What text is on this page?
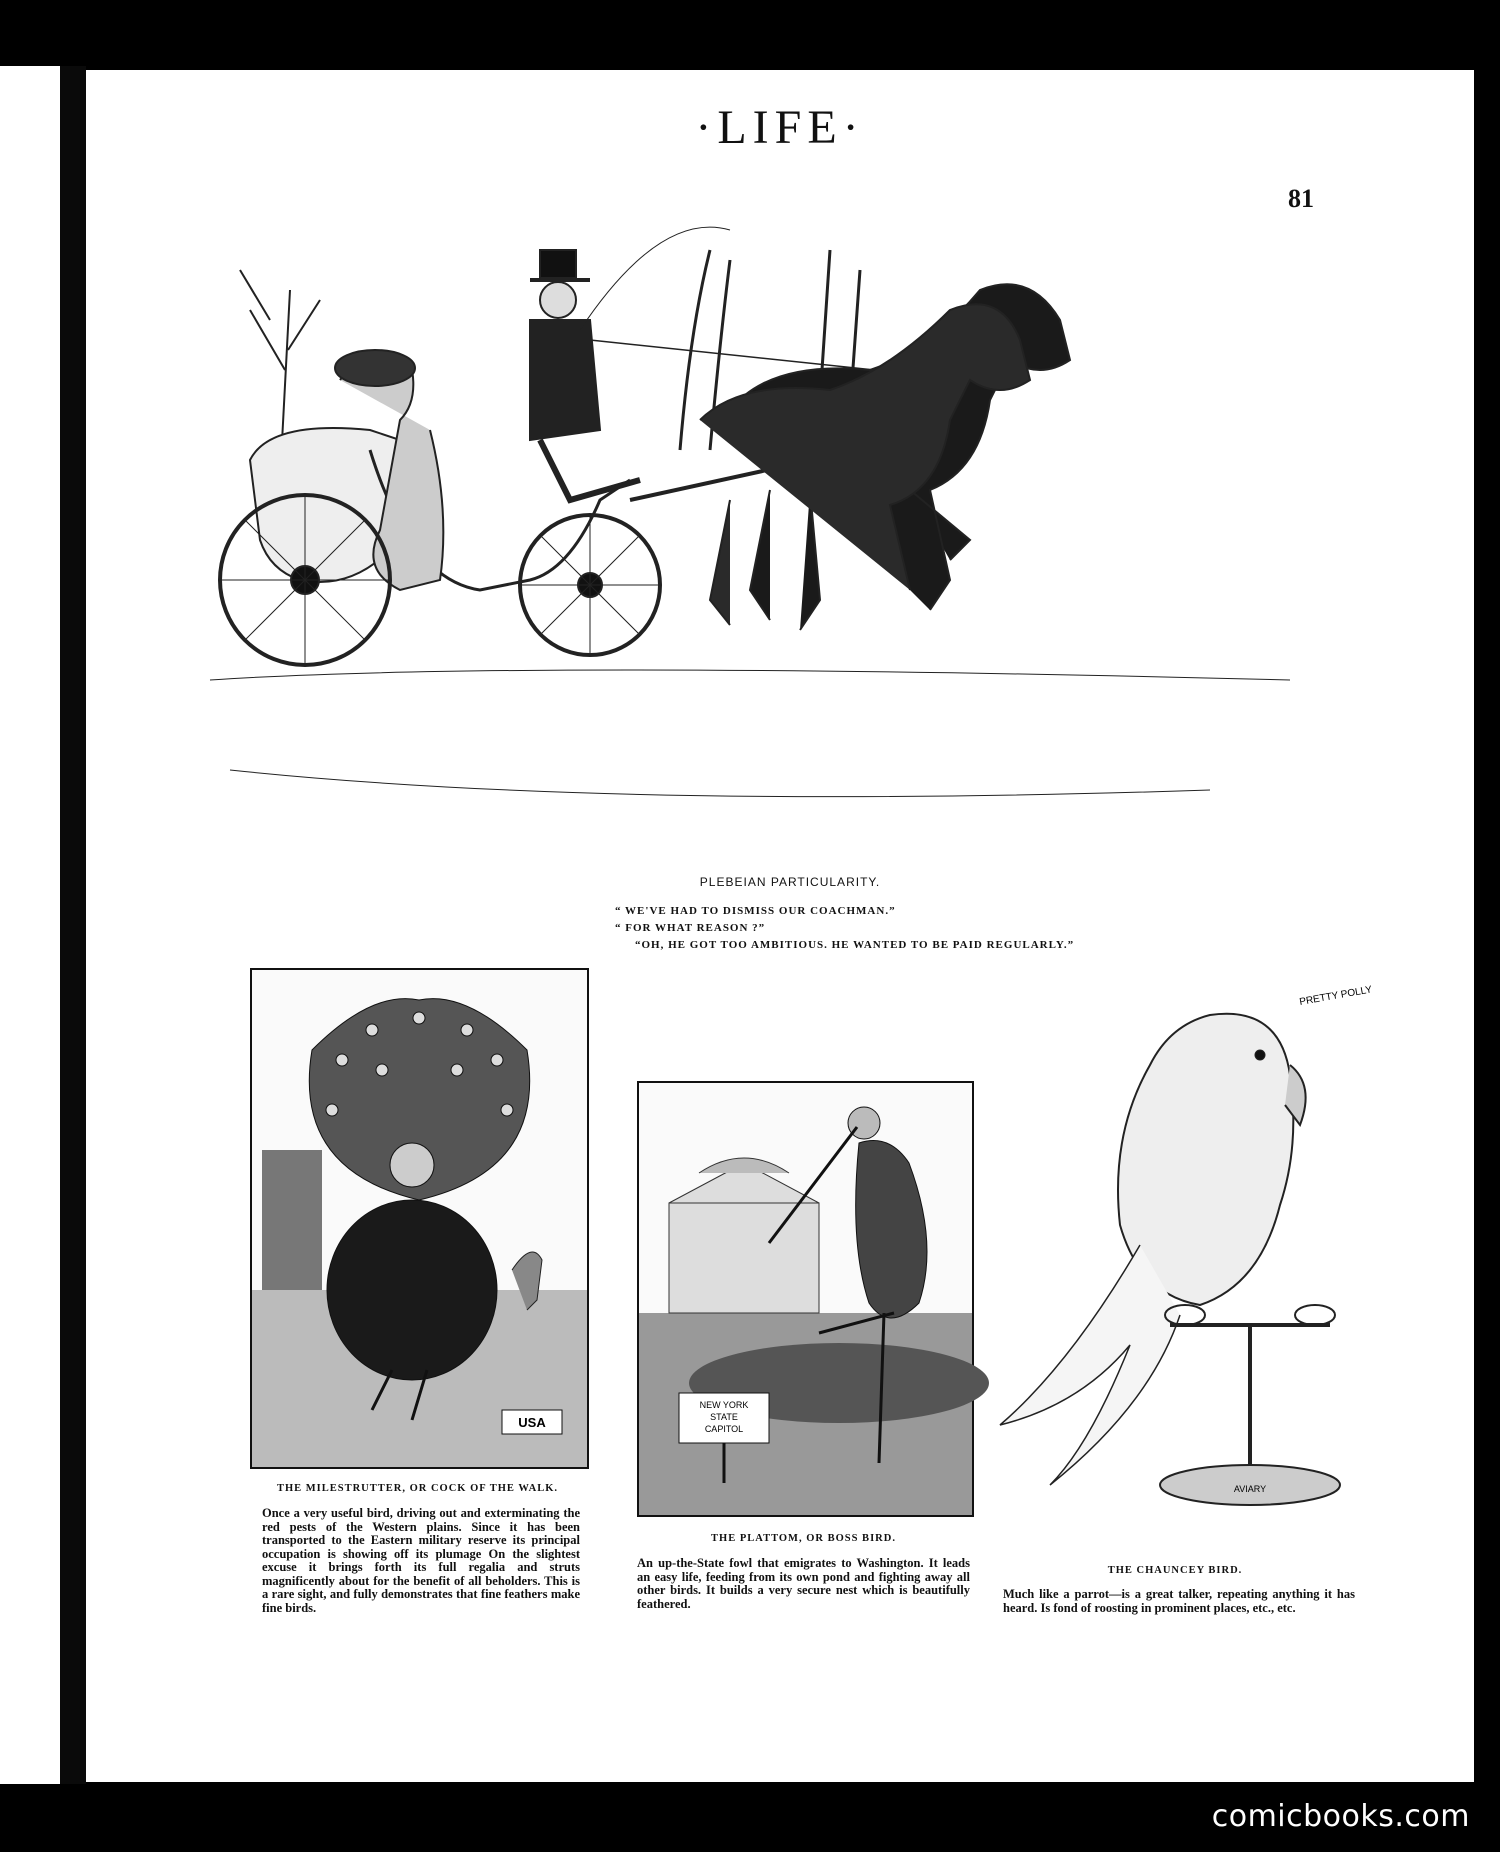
·LIFE·
81
PLEBEIAN PARTICULARITY.
“ WE'VE HAD TO DISMISS OUR COACHMAN.”
“ FOR WHAT REASON ?”
“OH, HE GOT TOO AMBITIOUS. HE WANTED TO BE PAID REGULARLY.”
USA
THE MILESTRUTTER, OR COCK OF THE WALK.
Once a very useful bird, driving out and exterminating the red pests of the Western plains. Since it has been transported to the Eastern military reserve its principal occupation is showing off its plumage On the slightest excuse it brings forth its full regalia and struts magnificently about for the benefit of all beholders. This is a rare sight, and fully demonstrates that fine feathers make fine birds.
NEW YORK
STATE
CAPITOL
THE PLATTOM, OR BOSS BIRD.
An up-the-State fowl that emigrates to Washington. It leads an easy life, feeding from its own pond and fighting away all other birds. It builds a very secure nest which is beautifully feathered.
PRETTY POLLY
AVIARY
THE CHAUNCEY BIRD.
Much like a parrot—is a great talker, repeating anything it has heard. Is fond of roosting in prominent places, etc., etc.
comicbooks.com
